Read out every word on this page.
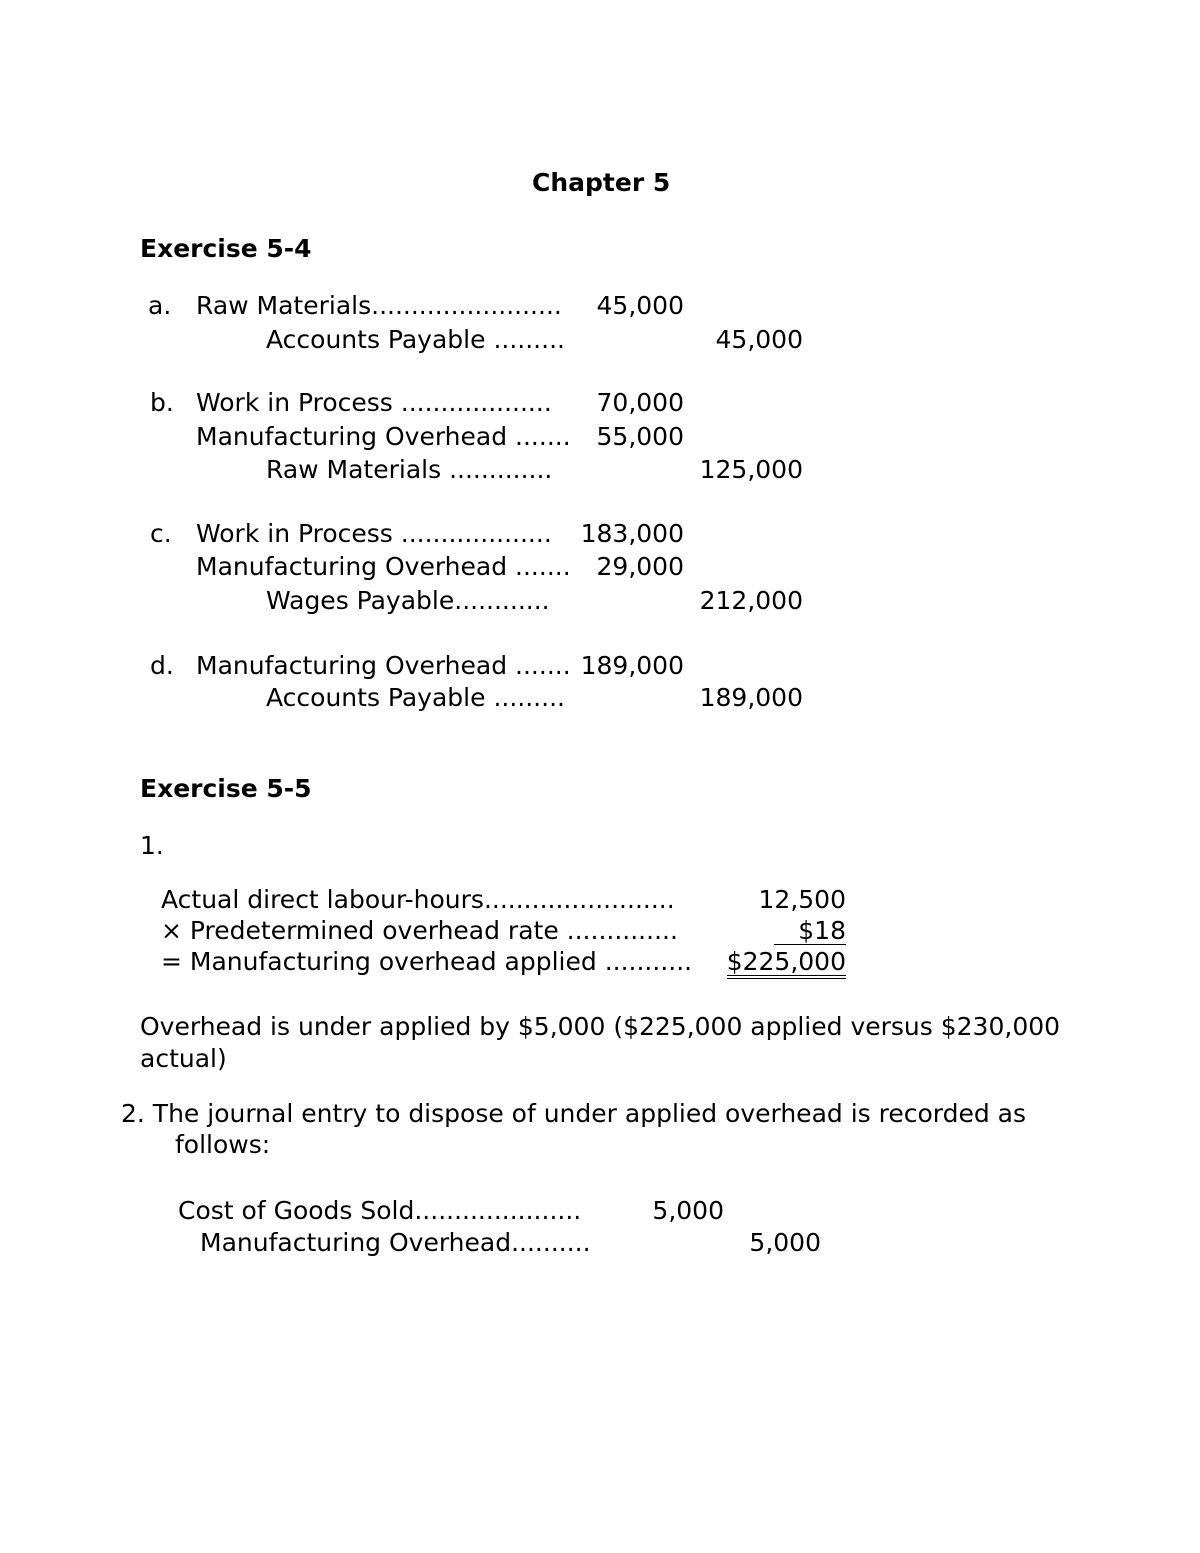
Chapter 5
Exercise 5-4
a. Raw Materials........................	45,000
Accounts Payable .........	45,000
b. Work in Process ...................	70,000
Manufacturing Overhead .......	55,000
Raw Materials .............	125,000
c. Work in Process ...................	183,000
Manufacturing Overhead .......	29,000
Wages Payable............	212,000
d. Manufacturing Overhead ....... 189,000
Accounts Payable .........	189,000
Exercise 5-5
1.
Actual direct labour-hours........................	12,500
× Predetermined overhead rate ..............	$18
= Manufacturing overhead applied ........... $225,000
Overhead is under applied by $5,000 ($225,000 applied versus $230,000
actual)
2. The journal entry to dispose of under applied overhead is recorded as
follows:
Cost of Goods Sold.....................	5,000
Manufacturing Overhead..........	5,000
